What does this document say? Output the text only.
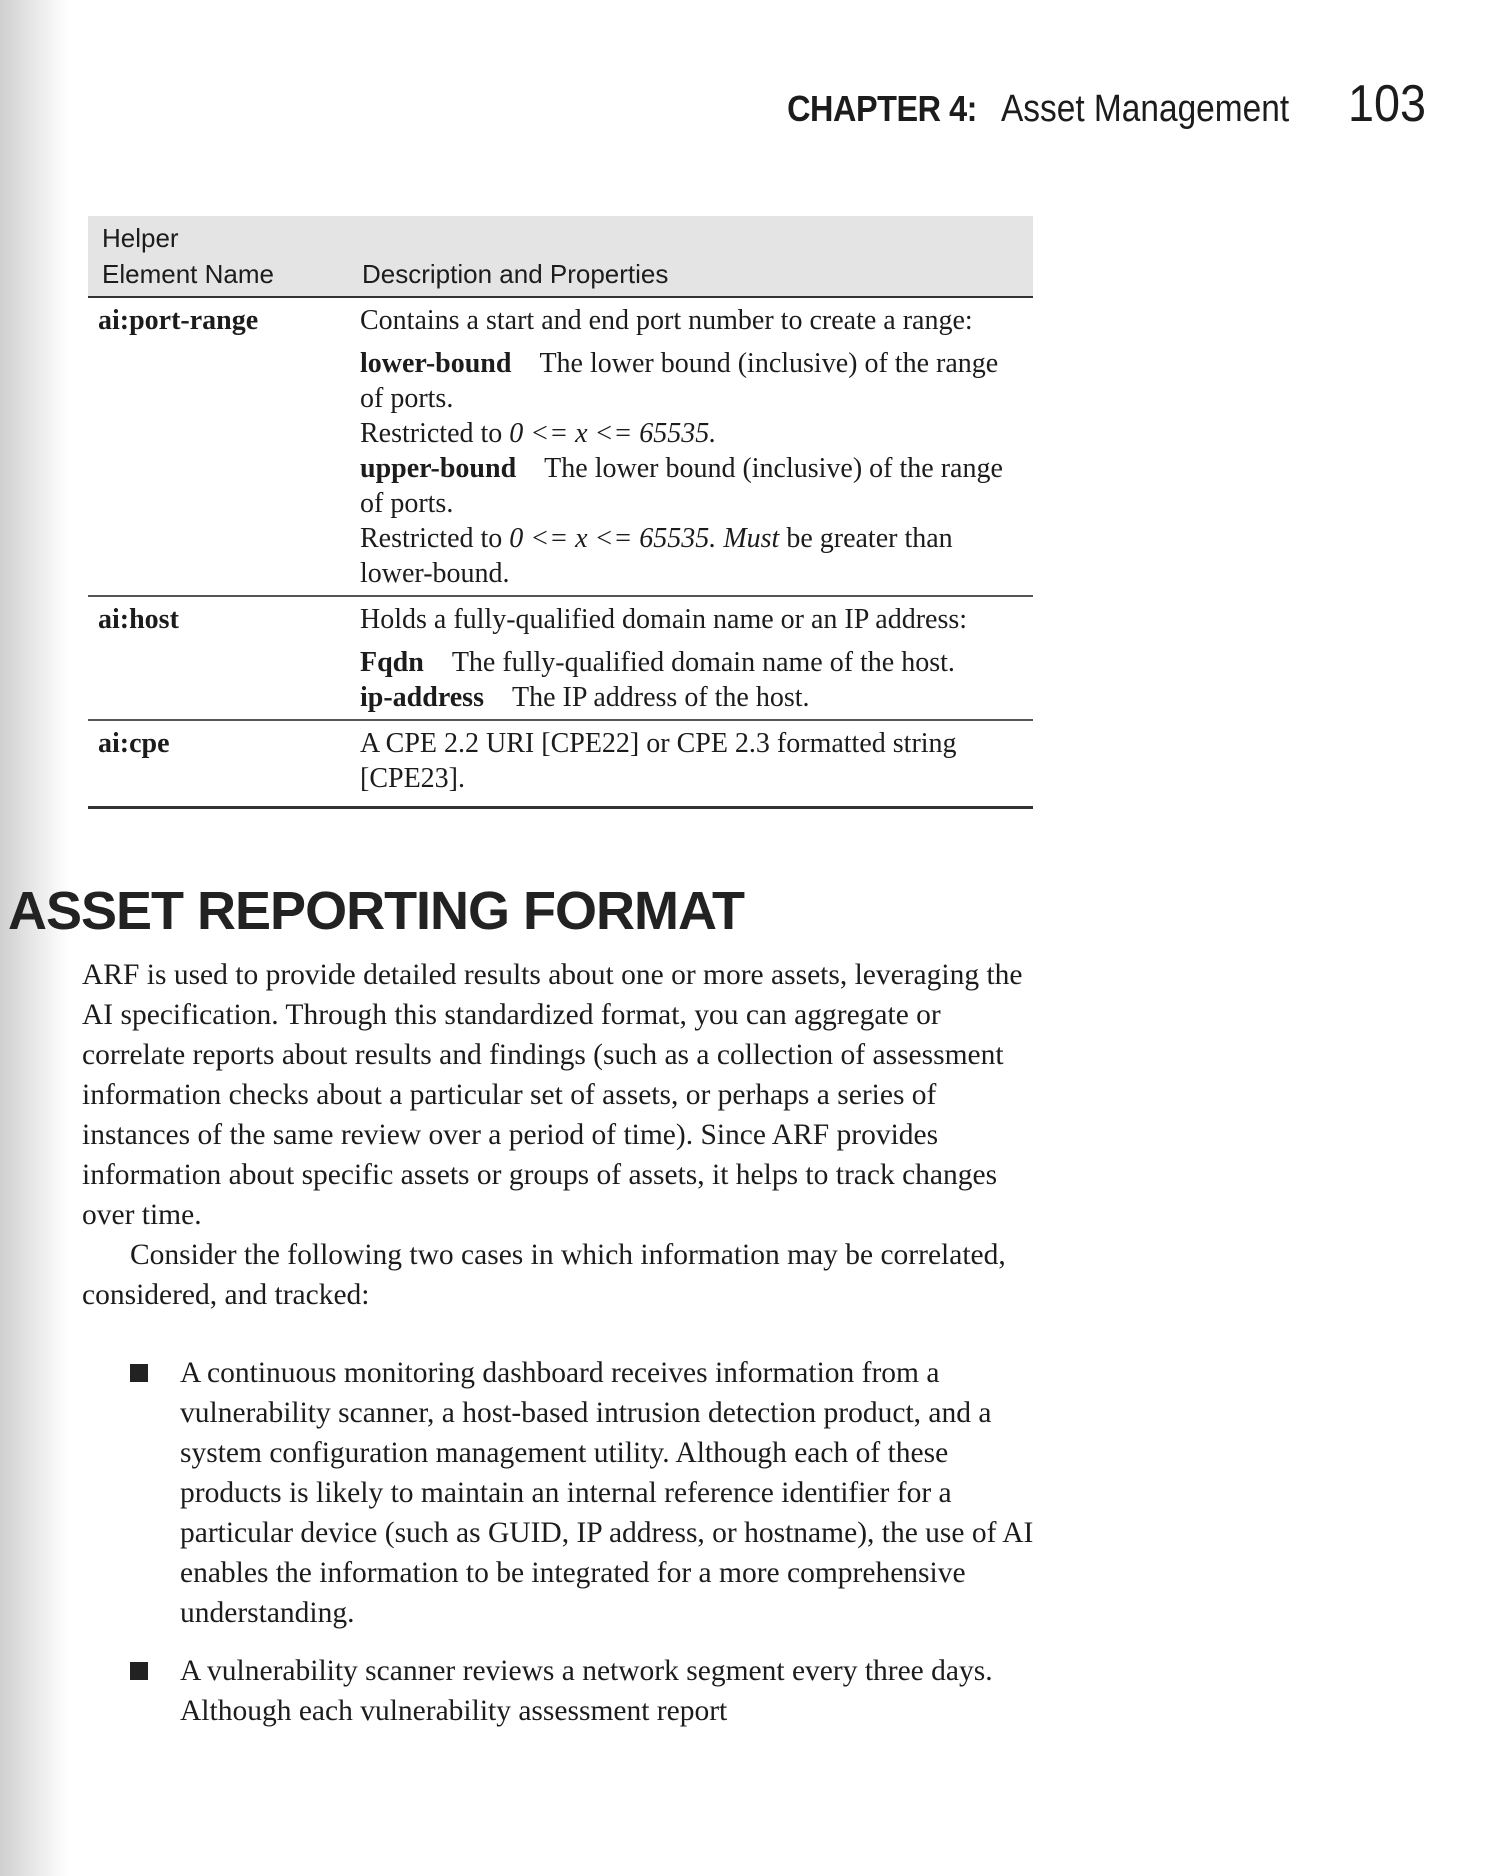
CHAPTER 4: Asset Management 103
Helper
Element Name	Description and Properties
ai:port-range	Contains a start and end port number to create a range:

lower-bound The lower bound (inclusive) of the range of ports.

Restricted to 0 <= x <= 65535.

upper-bound The lower bound (inclusive) of the range of ports.

Restricted to 0 <= x <= 65535. Must be greater than lower-bound.

ai:host	Holds a fully-qualified domain name or an IP address:

Fqdn The fully-qualified domain name of the host.

ip-address The IP address of the host.

ai:cpe	A CPE 2.2 URI [CPE22] or CPE 2.3 formatted string [CPE23].
ASSET REPORTING FORMAT

ARF is used to provide detailed results about one or more assets, leveraging the AI specification. Through this standardized format, you can aggregate or correlate reports about results and findings (such as a collection of assessment information checks about a particular set of assets, or perhaps a series of instances of the same review over a period of time). Since ARF provides information about specific assets or groups of assets, it helps to track changes over time.

Consider the following two cases in which information may be correlated, considered, and tracked:

A continuous monitoring dashboard receives information from a vulnerability scanner, a host-based intrusion detection product, and a system configuration management utility. Although each of these products is likely to maintain an internal reference identifier for a particular device (such as GUID, IP address, or hostname), the use of AI enables the information to be integrated for a more comprehensive understanding.
A vulnerability scanner reviews a network segment every three days. Although each vulnerability assessment report
